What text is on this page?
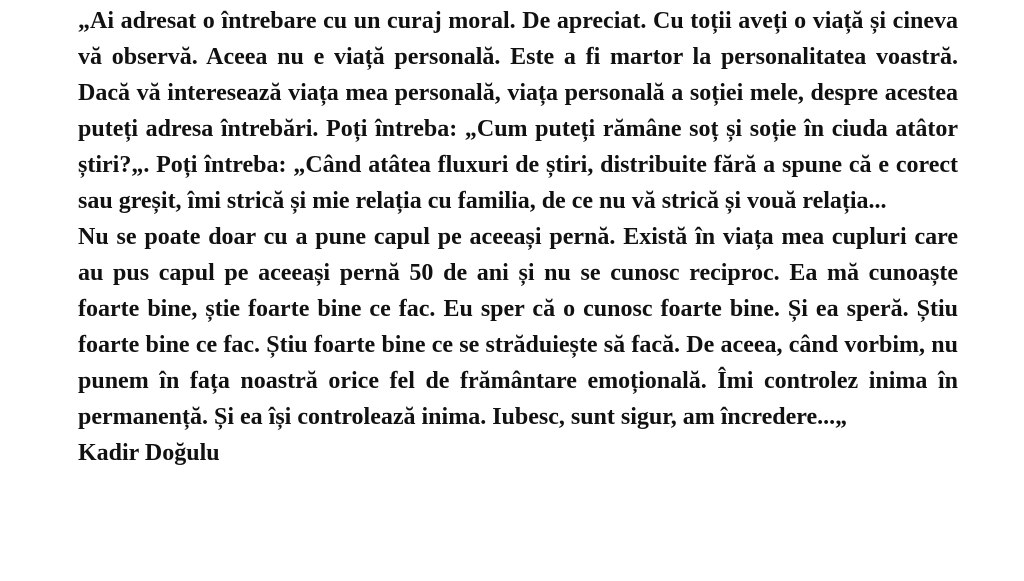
„Ai adresat o întrebare cu un curaj moral. De apreciat. Cu toții aveți o viață și cineva vă observă. Aceea nu e viață personală. Este a fi martor la personalitatea voastră. Dacă vă interesează viața mea personală, viața personală a soției mele, despre acestea puteți adresa întrebări. Poți întreba: „Cum puteți rămâne soț și soție în ciuda atâtor știri?„. Poți întreba: „Când atâtea fluxuri de știri, distribuite fără a spune că e corect sau greșit, îmi strică și mie relația cu familia, de ce nu vă strică și vouă relația...

Nu se poate doar cu a pune capul pe aceeași pernă. Există în viața mea cupluri care au pus capul pe aceeași pernă 50 de ani și nu se cunosc reciproc. Ea mă cunoaște foarte bine, știe foarte bine ce fac. Eu sper că o cunosc foarte bine. Și ea speră. Știu foarte bine ce fac. Știu foarte bine ce se străduiește să facă. De aceea, când vorbim, nu punem în fața noastră orice fel de frământare emoțională. Îmi controlez inima în permanență. Și ea își controlează inima. Iubesc, sunt sigur, am încredere...„

Kadir Doğulu
